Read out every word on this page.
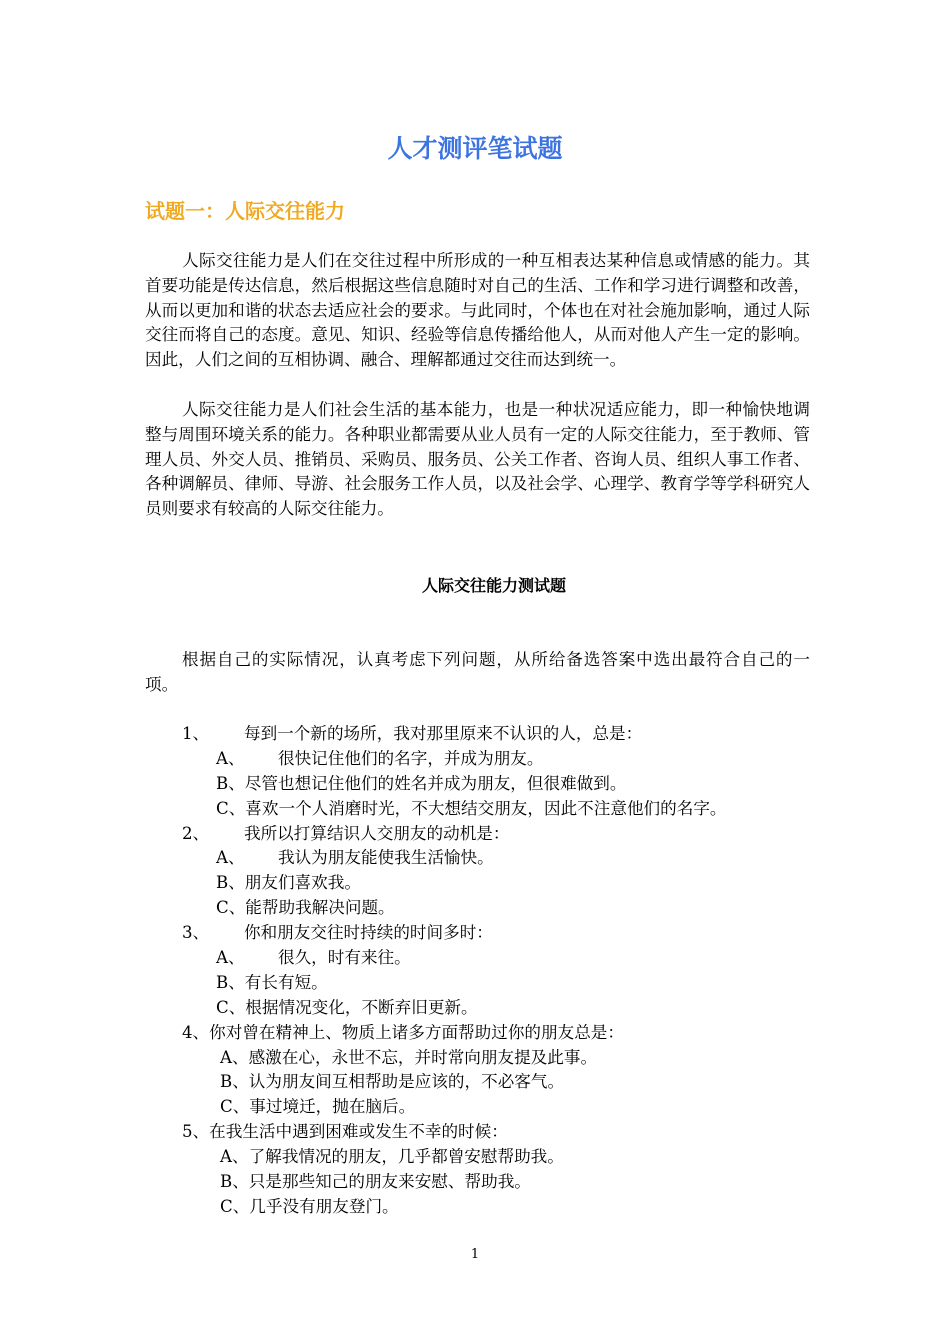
人才测评笔试题
试题一：人际交往能力

人际交往能力是人们在交往过程中所形成的一种互相表达某种信息或情感的能力。其首要功能是传达信息，然后根据这些信息随时对自己的生活、工作和学习进行调整和改善，从而以更加和谐的状态去适应社会的要求。与此同时，个体也在对社会施加影响，通过人际交往而将自己的态度。意见、知识、经验等信息传播给他人，从而对他人产生一定的影响。因此，人们之间的互相协调、融合、理解都通过交往而达到统一。

人际交往能力是人们社会生活的基本能力，也是一种状况适应能力，即一种愉快地调整与周围环境关系的能力。各种职业都需要从业人员有一定的人际交往能力，至于教师、管理人员、外交人员、推销员、采购员、服务员、公关工作者、咨询人员、组织人事工作者、各种调解员、律师、导游、社会服务工作人员，以及社会学、心理学、教育学等学科研究人员则要求有较高的人际交往能力。

人际交往能力测试题

根据自己的实际情况，认真考虑下列问题，从所给备选答案中选出最符合自己的一项。

1、 每到一个新的场所，我对那里原来不认识的人，总是：
A、 很快记住他们的名字，并成为朋友。
B、尽管也想记住他们的姓名并成为朋友，但很难做到。
C、喜欢一个人消磨时光，不大想结交朋友，因此不注意他们的名字。
2、 我所以打算结识人交朋友的动机是：
A、 我认为朋友能使我生活愉快。
B、朋友们喜欢我。
C、能帮助我解决问题。
3、 你和朋友交往时持续的时间多时：
A、 很久，时有来往。
B、有长有短。
C、根据情况变化，不断弃旧更新。
4、你对曾在精神上、物质上诸多方面帮助过你的朋友总是：
A、感激在心，永世不忘，并时常向朋友提及此事。
B、认为朋友间互相帮助是应该的，不必客气。
C、事过境迁，抛在脑后。
5、在我生活中遇到困难或发生不幸的时候：
A、了解我情况的朋友，几乎都曾安慰帮助我。
B、只是那些知己的朋友来安慰、帮助我。
C、几乎没有朋友登门。
1
